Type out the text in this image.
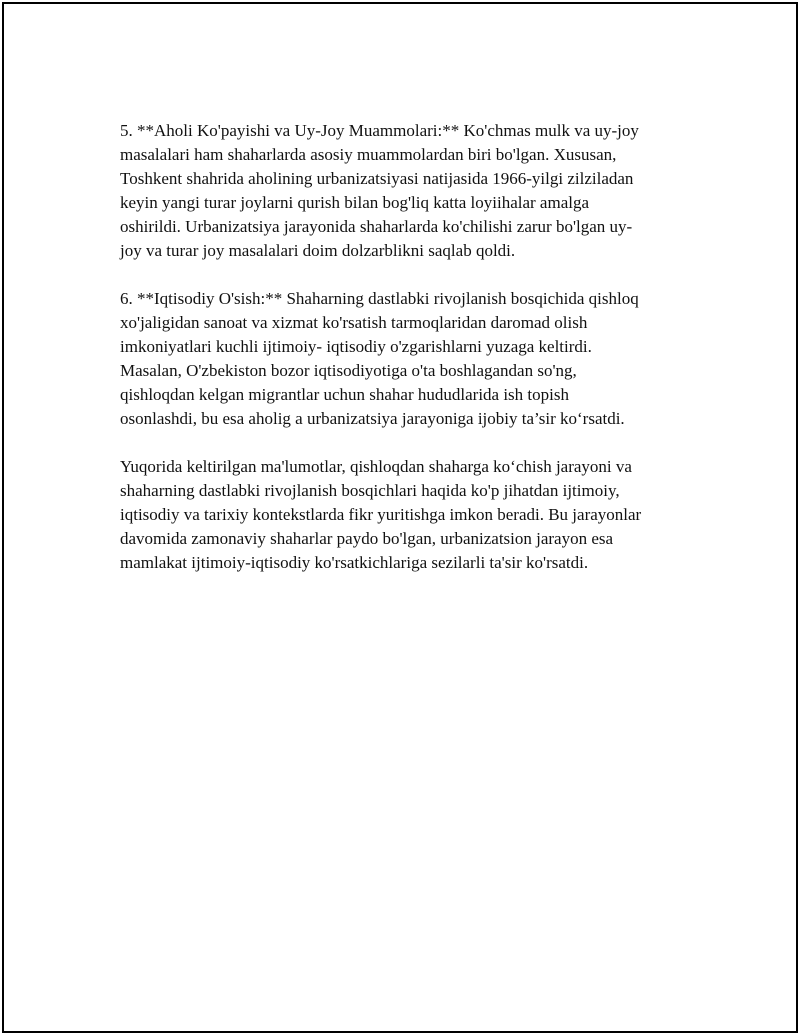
5. **Aholi Ko'payishi va Uy-Joy Muammolari:** Ko'chmas mulk va uy-joy
masalalari ham shaharlarda asosiy muammolardan biri bo'lgan. Xususan,
Toshkent shahrida aholining urbanizatsiyasi natijasida 1966-yilgi zilziladan
keyin yangi turar joylarni qurish bilan bog'liq katta loyiihalar amalga
oshirildi. Urbanizatsiya jarayonida shaharlarda ko'chilishi zarur bo'lgan uy-
joy va turar joy masalalari doim dolzarblikni saqlab qoldi.

6. **Iqtisodiy O'sish:** Shaharning dastlabki rivojlanish bosqichida qishloq
xo'jaligidan sanoat va xizmat ko'rsatish tarmoqlaridan daromad olish
imkoniyatlari kuchli ijtimoiy- iqtisodiy o'zgarishlarni yuzaga keltirdi.
Masalan, O'zbekiston bozor iqtisodiyotiga o'ta boshlagandan so'ng,
qishloqdan kelgan migrantlar uchun shahar hududlarida ish topish
osonlashdi, bu esa aholig a urbanizatsiya jarayoniga ijobiy ta’sir ko‘rsatdi.

Yuqorida keltirilgan ma'lumotlar, qishloqdan shaharga ko‘chish jarayoni va
shaharning dastlabki rivojlanish bosqichlari haqida ko'p jihatdan ijtimoiy,
iqtisodiy va tarixiy kontekstlarda fikr yuritishga imkon beradi. Bu jarayonlar
davomida zamonaviy shaharlar paydo bo'lgan, urbanizatsion jarayon esa
mamlakat ijtimoiy-iqtisodiy ko'rsatkichlariga sezilarli ta'sir ko'rsatdi.
